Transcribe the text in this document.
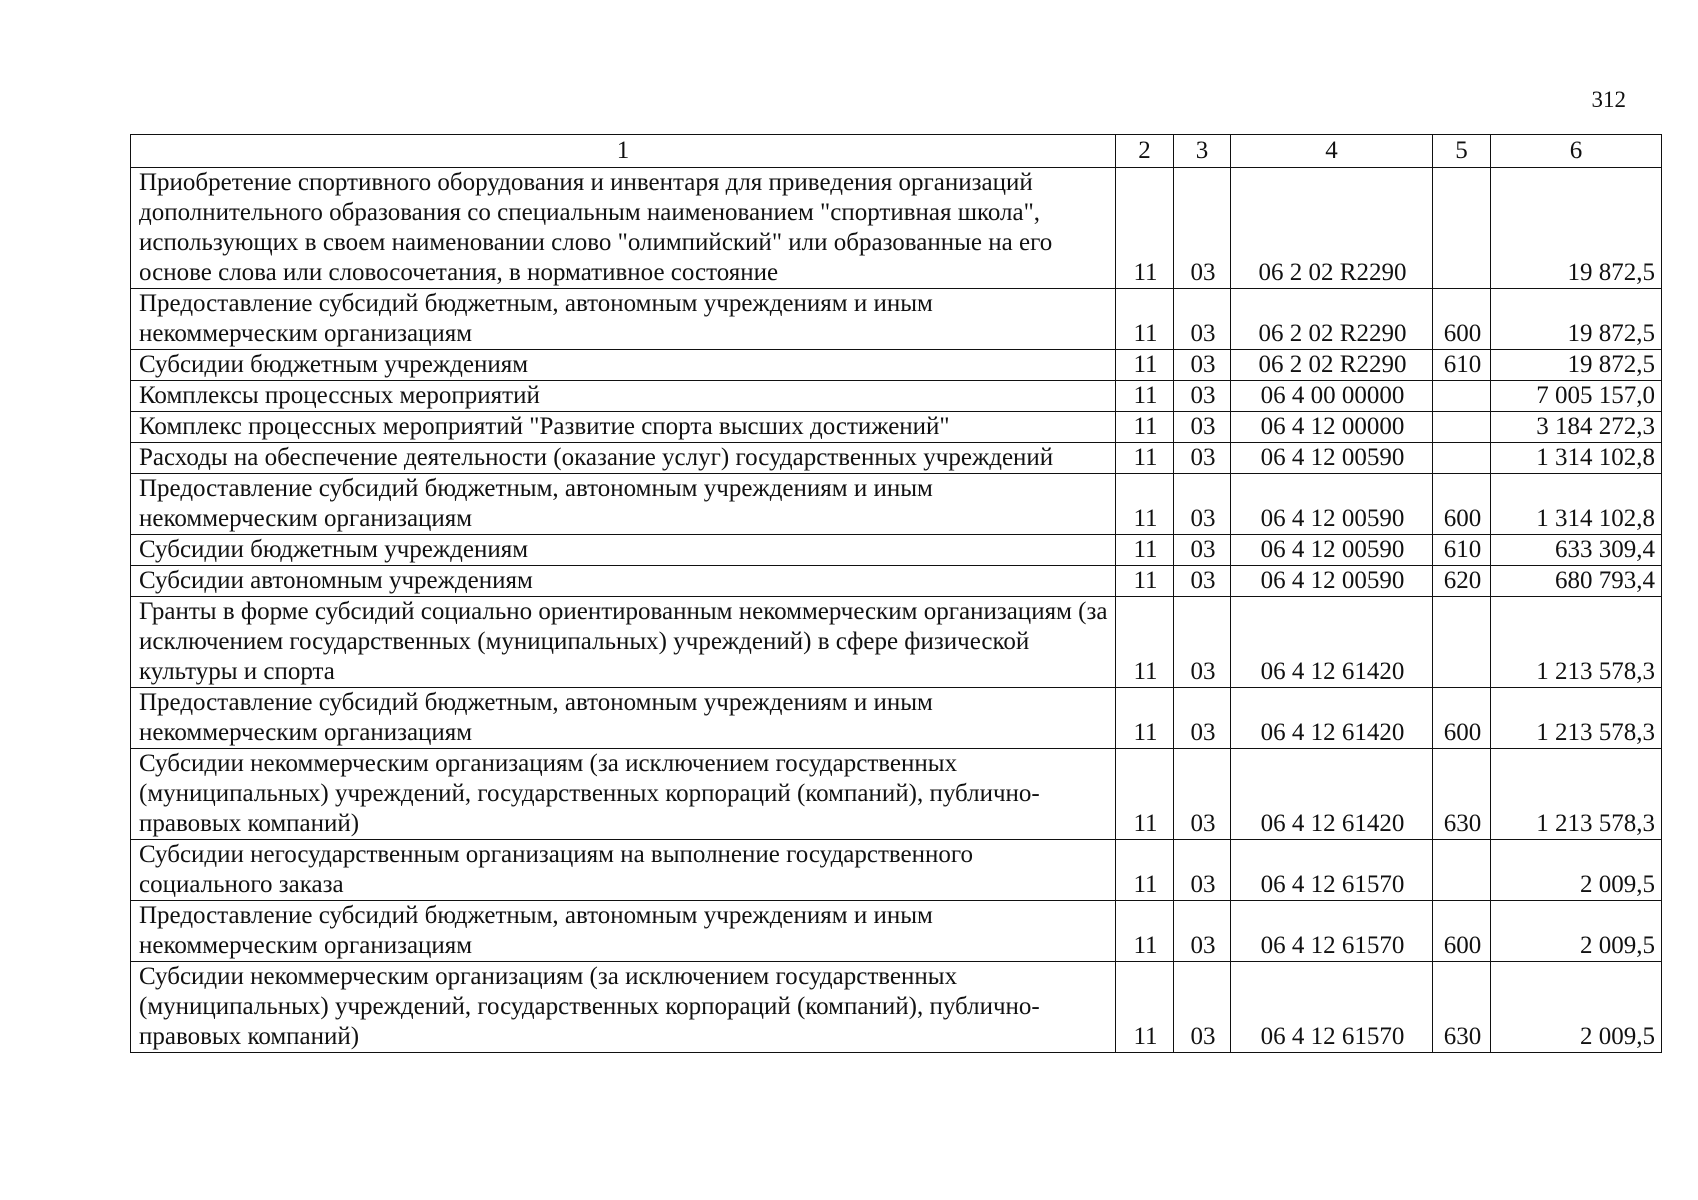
312
1	2	3	4	5	6
Приобретение спортивного оборудования и инвентаря для приведения организаций дополнительного образования со специальным наименованием "спортивная школа", использующих в своем наименовании слово "олимпийский" или образованные на его основе слова или словосочетания, в нормативное состояние	11	03	06 2 02 R2290		19 872,5
Предоставление субсидий бюджетным, автономным учреждениям и иным некоммерческим организациям	11	03	06 2 02 R2290	600	19 872,5
Субсидии бюджетным учреждениям	11	03	06 2 02 R2290	610	19 872,5
Комплексы процессных мероприятий	11	03	06 4 00 00000		7 005 157,0
Комплекс процессных мероприятий "Развитие спорта высших достижений"	11	03	06 4 12 00000		3 184 272,3
Расходы на обеспечение деятельности (оказание услуг) государственных учреждений	11	03	06 4 12 00590		1 314 102,8
Предоставление субсидий бюджетным, автономным учреждениям и иным некоммерческим организациям	11	03	06 4 12 00590	600	1 314 102,8
Субсидии бюджетным учреждениям	11	03	06 4 12 00590	610	633 309,4
Субсидии автономным учреждениям	11	03	06 4 12 00590	620	680 793,4
Гранты в форме субсидий социально ориентированным некоммерческим организациям (за исключением государственных (муниципальных) учреждений) в сфере физической культуры и спорта	11	03	06 4 12 61420		1 213 578,3
Предоставление субсидий бюджетным, автономным учреждениям и иным некоммерческим организациям	11	03	06 4 12 61420	600	1 213 578,3
Субсидии некоммерческим организациям (за исключением государственных (муниципальных) учреждений, государственных корпораций (компаний), публично-правовых компаний)	11	03	06 4 12 61420	630	1 213 578,3
Субсидии негосударственным организациям на выполнение государственного социального заказа	11	03	06 4 12 61570		2 009,5
Предоставление субсидий бюджетным, автономным учреждениям и иным некоммерческим организациям	11	03	06 4 12 61570	600	2 009,5
Субсидии некоммерческим организациям (за исключением государственных (муниципальных) учреждений, государственных корпораций (компаний), публично-правовых компаний)	11	03	06 4 12 61570	630	2 009,5
